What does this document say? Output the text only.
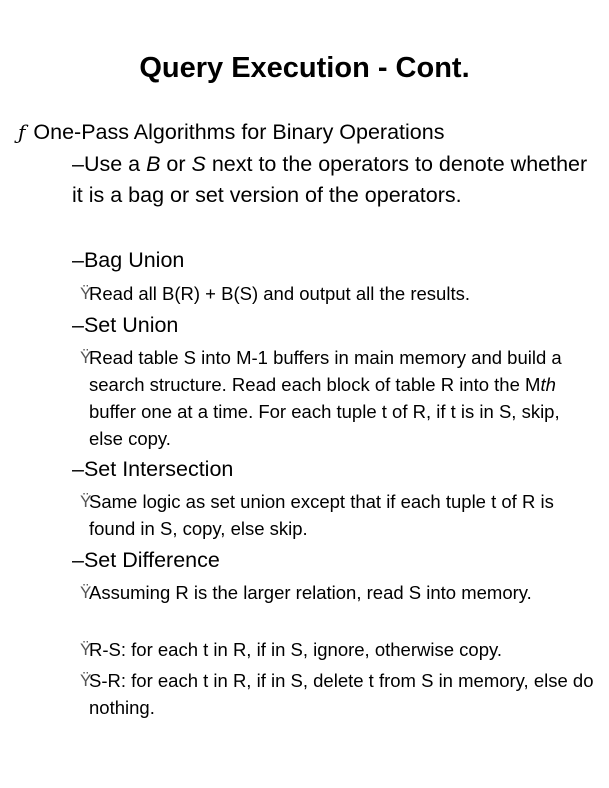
Query Execution - Cont.
ƒ One-Pass Algorithms for Binary Operations
–Use a B or S next to the operators to denote whether it is a bag or set version of the operators.
–Bag Union
Ÿ
Read all B(R) + B(S) and output all the results.
–Set Union
Ÿ
Read table S into M-1 buffers in main memory and build a search structure. Read each block of table R into the Mth buffer one at a time. For each tuple t of R, if t is in S, skip, else copy.
–Set Intersection
Ÿ
Same logic as set union except that if each tuple t of R is found in S, copy, else skip.
–Set Difference
Ÿ
Assuming R is the larger relation, read S into memory.
Ÿ
R-S: for each t in R, if in S, ignore, otherwise copy.
Ÿ
S-R: for each t in R, if in S, delete t from S in memory, else do nothing.
